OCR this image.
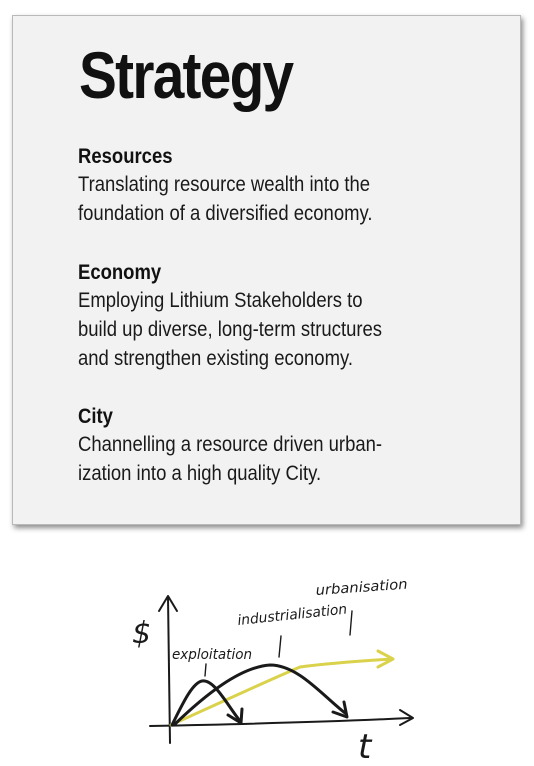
Strategy
Resources
Translating resource wealth into the
foundation of a diversified economy.
Economy
Employing Lithium Stakeholders to
build up diverse, long-term structures
and strengthen existing economy.
City
Channelling a resource driven urban-
ization into a high quality City.
$
t
exploitation
industrialisation
urbanisation
